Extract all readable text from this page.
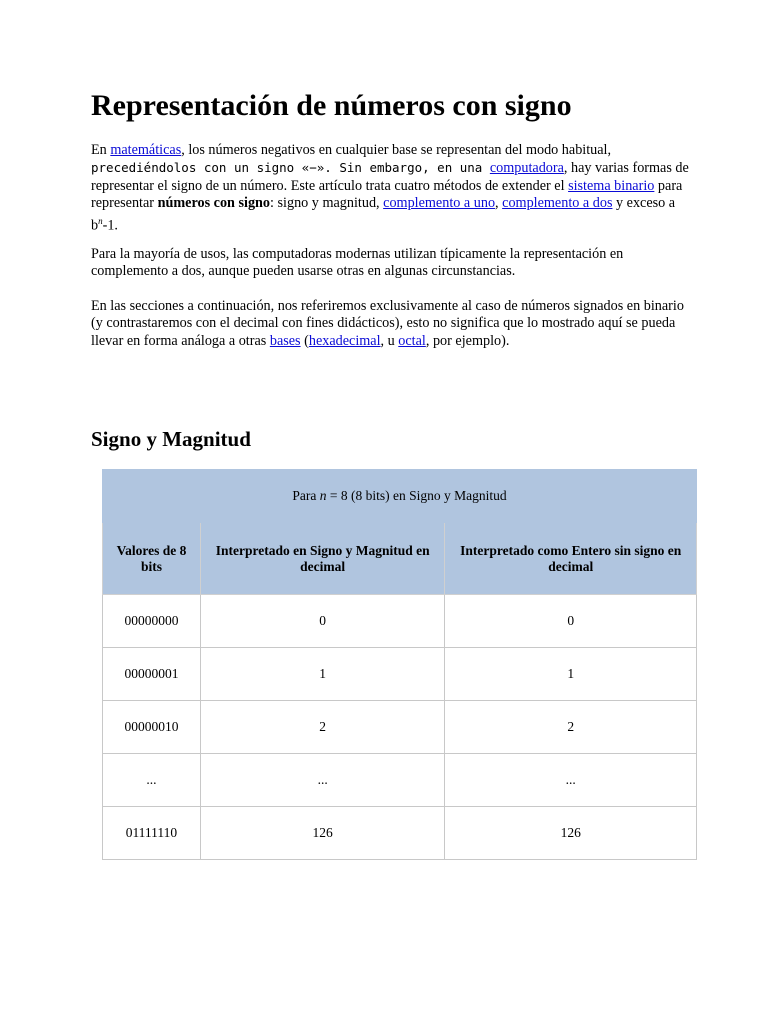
Representación de números con signo

En matemáticas, los números negativos en cualquier base se representan del modo habitual, precediéndolos con un signo «−». Sin embargo, en una computadora, hay varias formas de representar el signo de un número. Este artículo trata cuatro métodos de extender el sistema binario para representar números con signo: signo y magnitud, complemento a uno, complemento a dos y exceso a $b^n-1$.

Para la mayoría de usos, las computadoras modernas utilizan típicamente la representación en complemento a dos, aunque pueden usarse otras en algunas circunstancias.

En las secciones a continuación, nos referiremos exclusivamente al caso de números signados en binario (y contrastaremos con el decimal con fines didácticos), esto no significa que lo mostrado aquí se pueda llevar en forma análoga a otras bases (hexadecimal, u octal, por ejemplo).

Signo y Magnitud
Para n = 8 (8 bits) en Signo y Magnitud		
Valores de 8 bits	Interpretado en Signo y Magnitud en decimal	Interpretado como Entero sin signo en decimal
00000000	0	0
00000001	1	1
00000010	2	2
...	...	...
01111110	126	126
